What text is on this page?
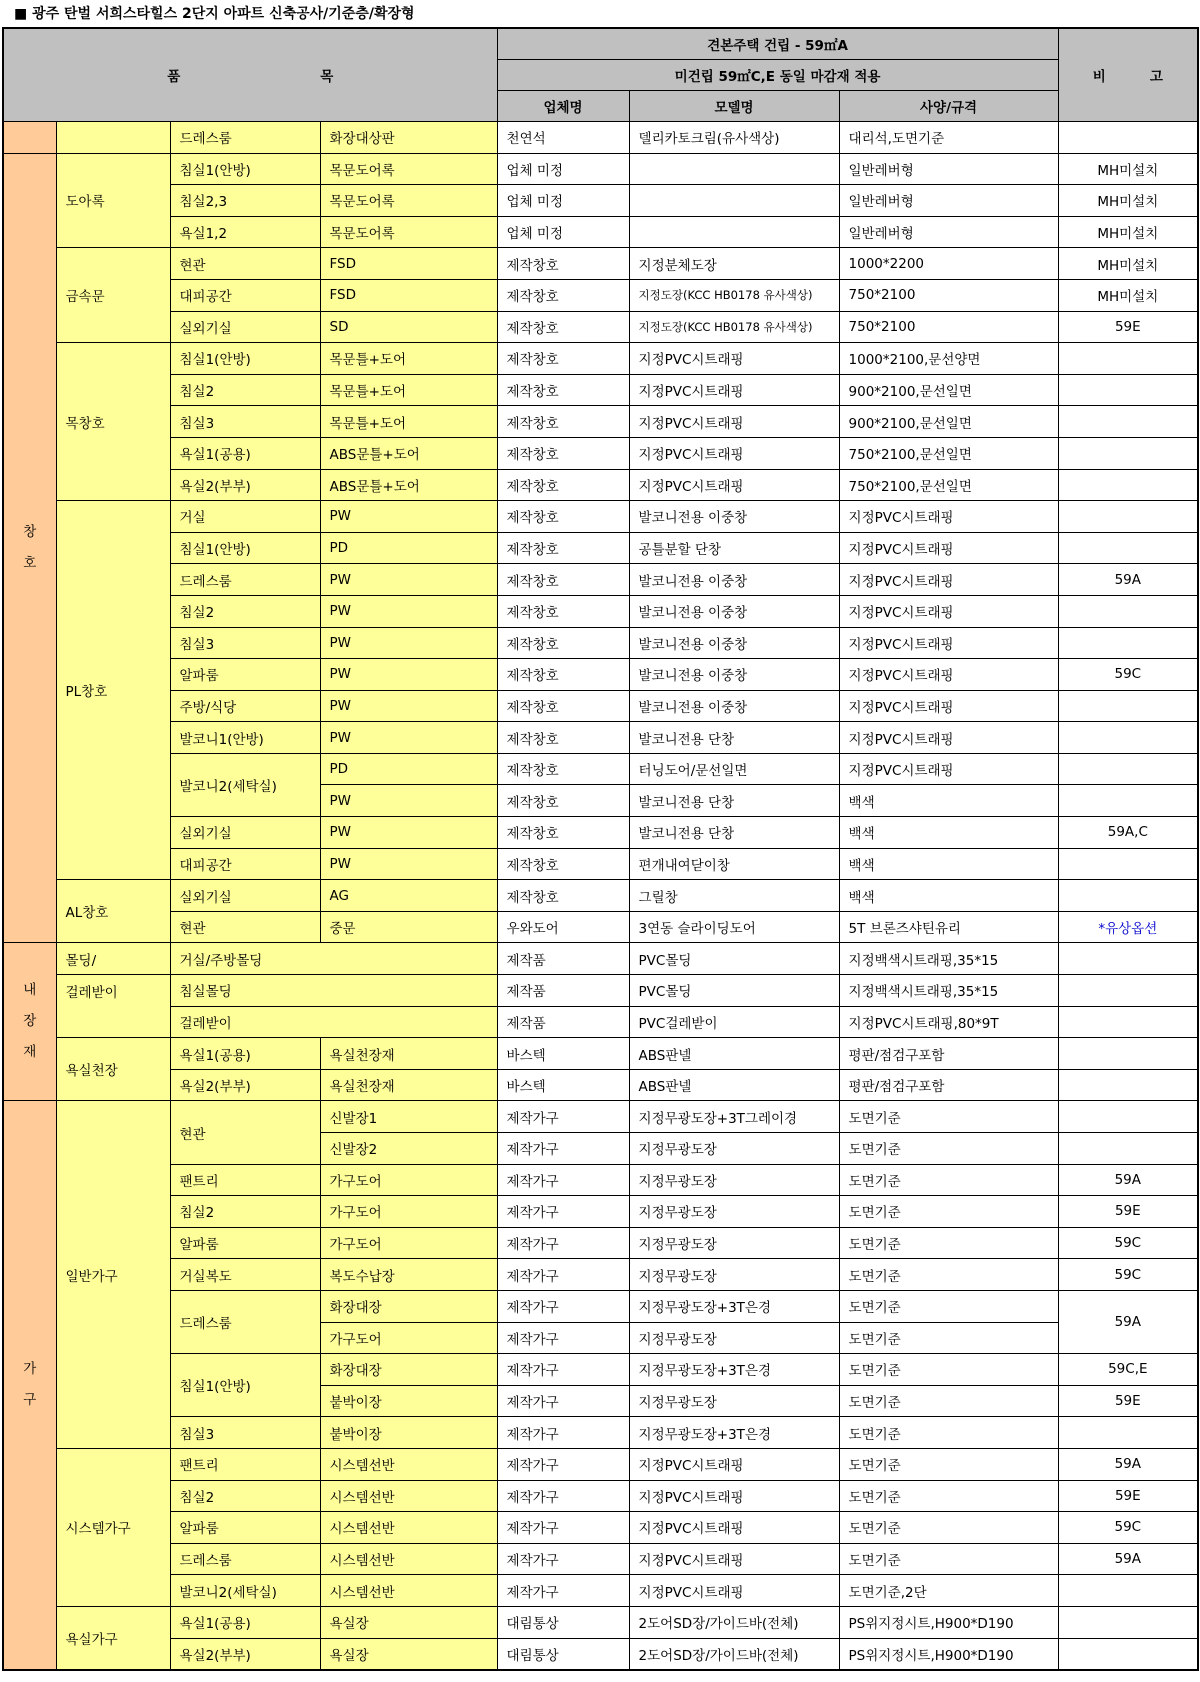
■ 광주 탄벌 서희스타힐스 2단지 아파트 신축공사/기준층/확장형
품 목				견본주택 건립 - 59㎡A			비 고
				미건립 59㎡C,E 동일 마감재 적용			
				업체명	모델명	사양/규격	
		드레스룸	화장대상판	천연석	델리카토크림(유사색상)	대리석,도면기준	

창
호	도아록	침실1(안방)	목문도어록	업체 미정		일반레버형	MH미설치
		침실2,3	목문도어록	업체 미정		일반레버형	MH미설치
		욕실1,2	목문도어록	업체 미정		일반레버형	MH미설치
	금속문	현관	FSD	제작창호	지정분체도장	1000*2200	MH미설치
		대피공간	FSD	제작창호	지정도장(KCC HB0178 유사색상)	750*2100	MH미설치
		실외기실	SD	제작창호	지정도장(KCC HB0178 유사색상)	750*2100	59E
	목창호	침실1(안방)	목문틀+도어	제작창호	지정PVC시트래핑	1000*2100,문선양면	
		침실2	목문틀+도어	제작창호	지정PVC시트래핑	900*2100,문선일면	
		침실3	목문틀+도어	제작창호	지정PVC시트래핑	900*2100,문선일면	
		욕실1(공용)	ABS문틀+도어	제작창호	지정PVC시트래핑	750*2100,문선일면	
		욕실2(부부)	ABS문틀+도어	제작창호	지정PVC시트래핑	750*2100,문선일면	
	PL창호	거실	PW	제작창호	발코니전용 이중창	지정PVC시트래핑	
		침실1(안방)	PD	제작창호	공틀분할 단창	지정PVC시트래핑	
		드레스룸	PW	제작창호	발코니전용 이중창	지정PVC시트래핑	59A
		침실2	PW	제작창호	발코니전용 이중창	지정PVC시트래핑	
		침실3	PW	제작창호	발코니전용 이중창	지정PVC시트래핑	
		알파룸	PW	제작창호	발코니전용 이중창	지정PVC시트래핑	59C
		주방/식당	PW	제작창호	발코니전용 이중창	지정PVC시트래핑	
		발코니1(안방)	PW	제작창호	발코니전용 단창	지정PVC시트래핑	
		발코니2(세탁실)	PD	제작창호	터닝도어/문선일면	지정PVC시트래핑	
			PW	제작창호	발코니전용 단창	백색	
		실외기실	PW	제작창호	발코니전용 단창	백색	59A,C
		대피공간	PW	제작창호	편개내여닫이창	백색	
	AL창호	실외기실	AG	제작창호	그릴창	백색	
		현관	중문	우와도어	3연동 슬라이딩도어	5T 브론즈샤틴유리	*유상옵션

내
장
재	몰딩/	거실/주방몰딩		제작품	PVC몰딩	지정백색시트래핑,35*15	
	걸레받이	침실몰딩		제작품	PVC몰딩	지정백색시트래핑,35*15	
		걸레받이		제작품	PVC걸레받이	지정PVC시트래핑,80*9T	
	욕실천장	욕실1(공용)	욕실천장재	바스텍	ABS판넬	평판/점검구포함	
		욕실2(부부)	욕실천장재	바스텍	ABS판넬	평판/점검구포함	

가
구	일반가구	현관	신발장1	제작가구	지정무광도장+3T그레이경	도면기준	
			신발장2	제작가구	지정무광도장	도면기준	
		팬트리	가구도어	제작가구	지정무광도장	도면기준	59A
		침실2	가구도어	제작가구	지정무광도장	도면기준	59E
		알파룸	가구도어	제작가구	지정무광도장	도면기준	59C
		거실복도	복도수납장	제작가구	지정무광도장	도면기준	59C
		드레스룸	화장대장	제작가구	지정무광도장+3T은경	도면기준	59A
			가구도어	제작가구	지정무광도장	도면기준	
		침실1(안방)	화장대장	제작가구	지정무광도장+3T은경	도면기준	59C,E
			붙박이장	제작가구	지정무광도장	도면기준	59E
		침실3	붙박이장	제작가구	지정무광도장+3T은경	도면기준	
	시스템가구	팬트리	시스템선반	제작가구	지정PVC시트래핑	도면기준	59A
		침실2	시스템선반	제작가구	지정PVC시트래핑	도면기준	59E
		알파룸	시스템선반	제작가구	지정PVC시트래핑	도면기준	59C
		드레스룸	시스템선반	제작가구	지정PVC시트래핑	도면기준	59A
		발코니2(세탁실)	시스템선반	제작가구	지정PVC시트래핑	도면기준,2단	
	욕실가구	욕실1(공용)	욕실장	대림통상	2도어SD장/가이드바(전체)	PS위지정시트,H900*D190	
		욕실2(부부)	욕실장	대림통상	2도어SD장/가이드바(전체)	PS위지정시트,H900*D190	
